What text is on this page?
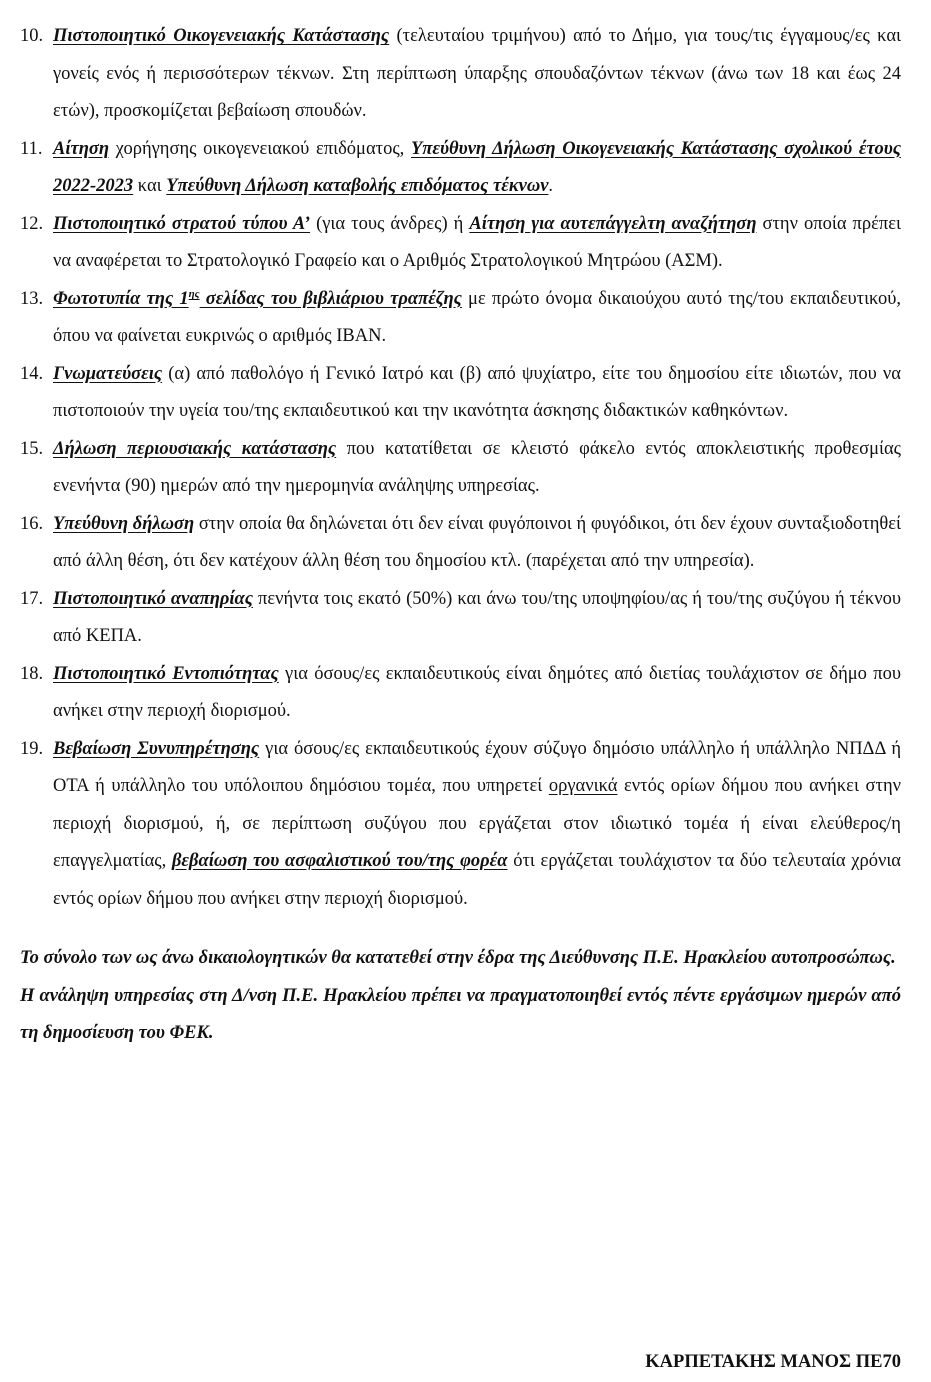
10. Πιστοποιητικό Οικογενειακής Κατάστασης (τελευταίου τριμήνου) από το Δήμο, για τους/τις έγγαμους/ες και γονείς ενός ή περισσότερων τέκνων. Στη περίπτωση ύπαρξης σπουδαζόντων τέκνων (άνω των 18 και έως 24 ετών), προσκομίζεται βεβαίωση σπουδών.
11. Αίτηση χορήγησης οικογενειακού επιδόματος, Υπεύθυνη Δήλωση Οικογενειακής Κατάστασης σχολικού έτους 2022-2023 και Υπεύθυνη Δήλωση καταβολής επιδόματος τέκνων.
12. Πιστοποιητικό στρατού τύπου Α’ (για τους άνδρες) ή Αίτηση για αυτεπάγγελτη αναζήτηση στην οποία πρέπει να αναφέρεται το Στρατολογικό Γραφείο και ο Αριθμός Στρατολογικού Μητρώου (ΑΣΜ).
13. Φωτοτυπία της $1^{\eta\varsigma}$ σελίδας του βιβλιάριου τραπέζης με πρώτο όνομα δικαιούχου αυτό της/του εκπαιδευτικού, όπου να φαίνεται ευκρινώς ο αριθμός IBAN.
14. Γνωματεύσεις (α) από παθολόγο ή Γενικό Ιατρό και (β) από ψυχίατρο, είτε του δημοσίου είτε ιδιωτών, που να πιστοποιούν την υγεία του/της εκπαιδευτικού και την ικανότητα άσκησης διδακτικών καθηκόντων.
15. Δήλωση περιουσιακής κατάστασης που κατατίθεται σε κλειστό φάκελο εντός αποκλειστικής προθεσμίας ενενήντα (90) ημερών από την ημερομηνία ανάληψης υπηρεσίας.
16. Υπεύθυνη δήλωση στην οποία θα δηλώνεται ότι δεν είναι φυγόποινοι ή φυγόδικοι, ότι δεν έχουν συνταξιοδοτηθεί από άλλη θέση, ότι δεν κατέχουν άλλη θέση του δημοσίου κτλ. (παρέχεται από την υπηρεσία).
17. Πιστοποιητικό αναπηρίας πενήντα τοις εκατό (50%) και άνω του/της υποψηφίου/ας ή του/της συζύγου ή τέκνου από ΚΕΠΑ.
18. Πιστοποιητικό Εντοπιότητας για όσους/ες εκπαιδευτικούς είναι δημότες από διετίας τουλάχιστον σε δήμο που ανήκει στην περιοχή διορισμού.
19. Βεβαίωση Συνυπηρέτησης για όσους/ες εκπαιδευτικούς έχουν σύζυγο δημόσιο υπάλληλο ή υπάλληλο ΝΠΔΔ ή ΟΤΑ ή υπάλληλο του υπόλοιπου δημόσιου τομέα, που υπηρετεί οργανικά εντός ορίων δήμου που ανήκει στην περιοχή διορισμού, ή, σε περίπτωση συζύγου που εργάζεται στον ιδιωτικό τομέα ή είναι ελεύθερος/η επαγγελματίας, βεβαίωση του ασφαλιστικού του/της φορέα ότι εργάζεται τουλάχιστον τα δύο τελευταία χρόνια εντός ορίων δήμου που ανήκει στην περιοχή διορισμού.

Το σύνολο των ως άνω δικαιολογητικών θα κατατεθεί στην έδρα της Διεύθυνσης Π.Ε. Ηρακλείου αυτοπροσώπως.

Η ανάληψη υπηρεσίας στη Δ/νση Π.Ε. Ηρακλείου πρέπει να πραγματοποιηθεί εντός πέντε εργάσιμων ημερών από τη δημοσίευση του ΦΕΚ.

ΚΑΡΠΕΤΑΚΗΣ ΜΑΝΟΣ ΠΕ70
